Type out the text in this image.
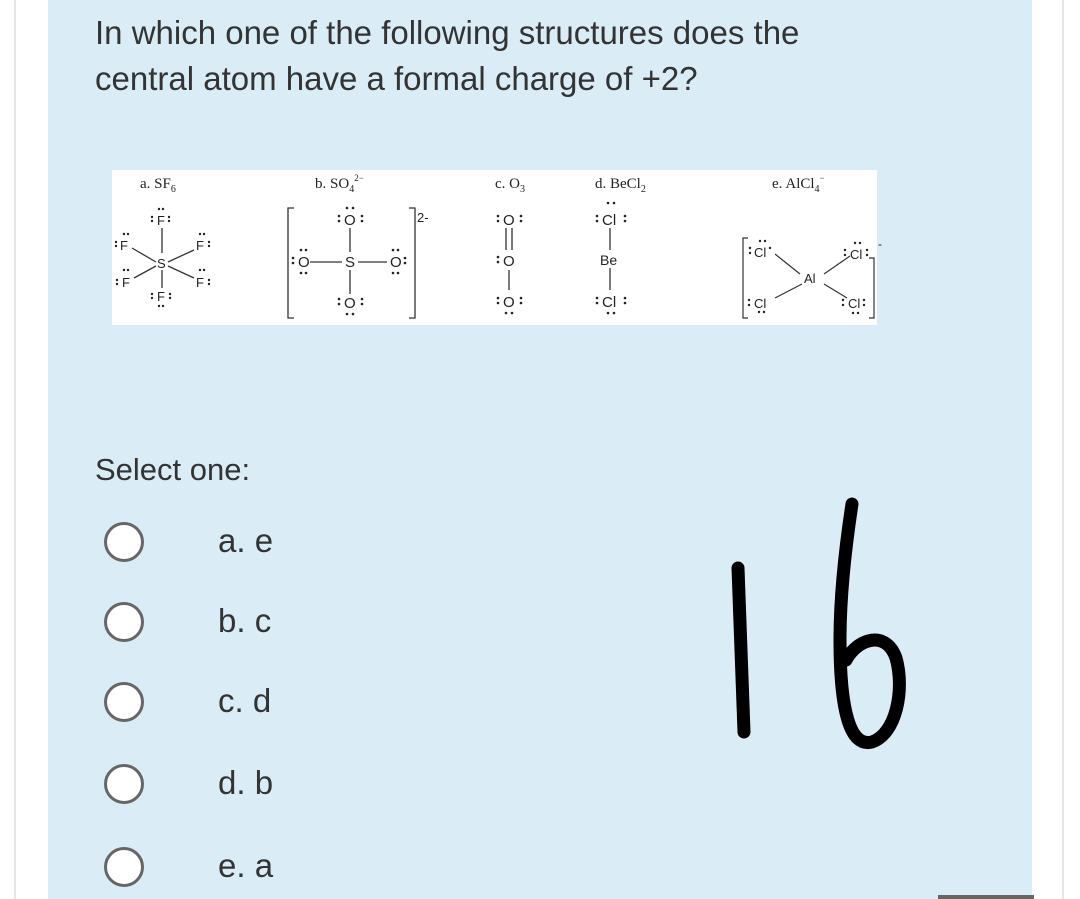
In which one of the following structures does the
central atom have a formal charge of +2?
a. $SF_6$	b. $SO_4^{2-}$	c. $O_3$	d. BeCl$_2$	e. AlCl$_4$−
S
F
F
F	F
F	F
2-
S
O
O
O	O
O
O
O
Cl
Be
Cl
-
Al
Cl	Cl
Cl	Cl
Select one:
a. e
b. c
c. d
d. b
e. a
